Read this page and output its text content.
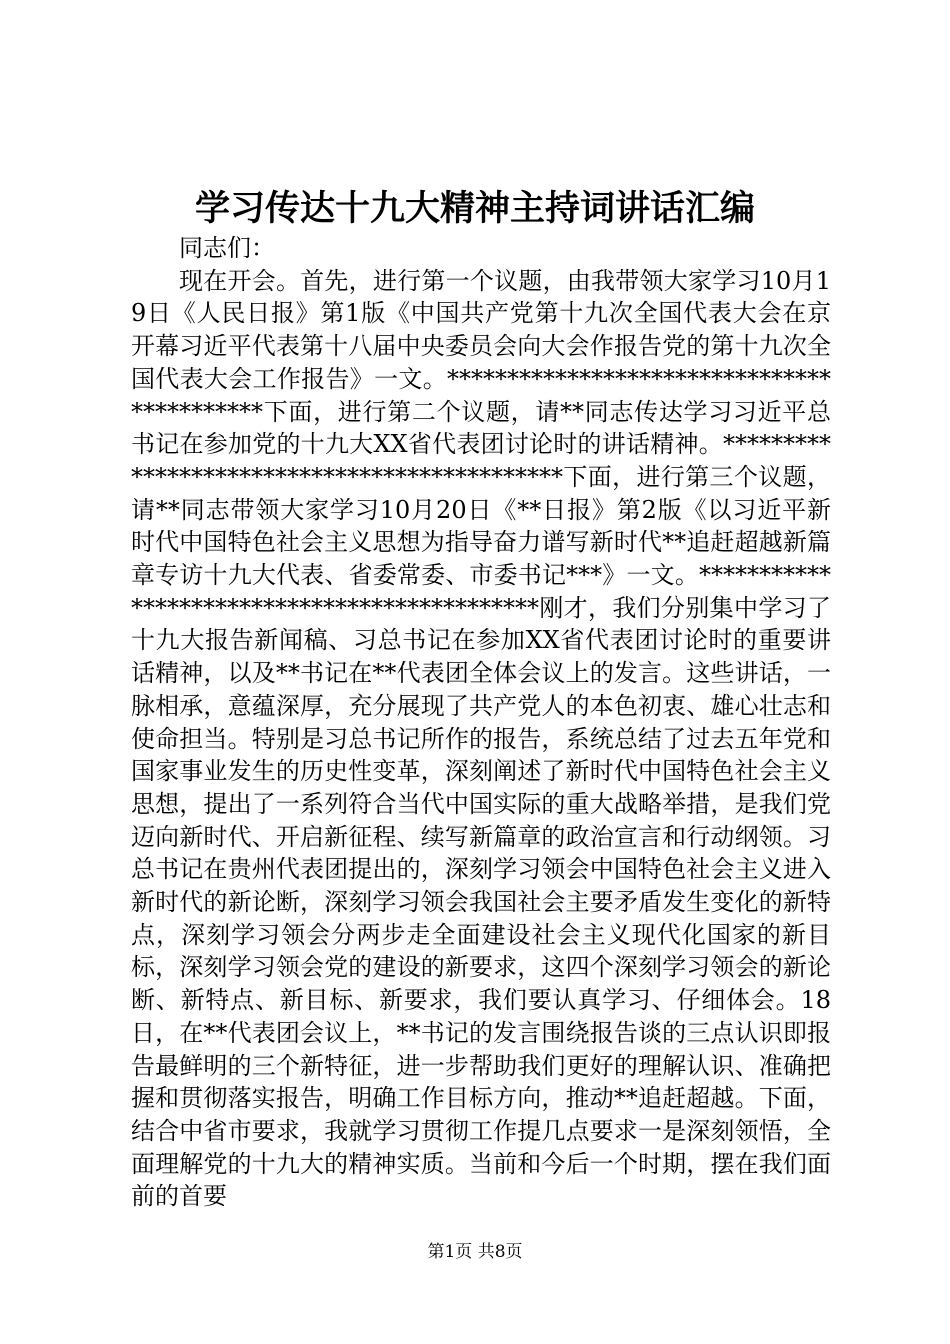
学习传达十九大精神主持词讲话汇编

同志们：

现在开会。首先，进行第一个议题，由我带领大家学习10月19日《人民日报》第1版《中国共产党第十九次全国代表大会在京开幕习近平代表第十八届中央委员会向大会作报告党的第十九次全国代表大会工作报告》一文。*******************************************下面，进行第二个议题，请**同志传达学习习近平总书记在参加党的十九大XX省代表团讨论时的讲话精神。*********************************************下面，进行第三个议题，请**同志带领大家学习10月20日《**日报》第2版《以习近平新时代中国特色社会主义思想为指导奋力谱写新时代**追赶超越新篇章专访十九大代表、省委常委、市委书记***》一文。*********************************************刚才，我们分别集中学习了十九大报告新闻稿、习总书记在参加XX省代表团讨论时的重要讲话精神，以及**书记在**代表团全体会议上的发言。这些讲话，一脉相承，意蕴深厚，充分展现了共产党人的本色初衷、雄心壮志和使命担当。特别是习总书记所作的报告，系统总结了过去五年党和国家事业发生的历史性变革，深刻阐述了新时代中国特色社会主义思想，提出了一系列符合当代中国实际的重大战略举措，是我们党迈向新时代、开启新征程、续写新篇章的政治宣言和行动纲领。习总书记在贵州代表团提出的，深刻学习领会中国特色社会主义进入新时代的新论断，深刻学习领会我国社会主要矛盾发生变化的新特点，深刻学习领会分两步走全面建设社会主义现代化国家的新目标，深刻学习领会党的建设的新要求，这四个深刻学习领会的新论断、新特点、新目标、新要求，我们要认真学习、仔细体会。18日，在**代表团会议上，**书记的发言围绕报告谈的三点认识即报告最鲜明的三个新特征，进一步帮助我们更好的理解认识、准确把握和贯彻落实报告，明确工作目标方向，推动**追赶超越。下面，结合中省市要求，我就学习贯彻工作提几点要求一是深刻领悟，全面理解党的十九大的精神实质。当前和今后一个时期，摆在我们面前的首要

第1页 共8页
